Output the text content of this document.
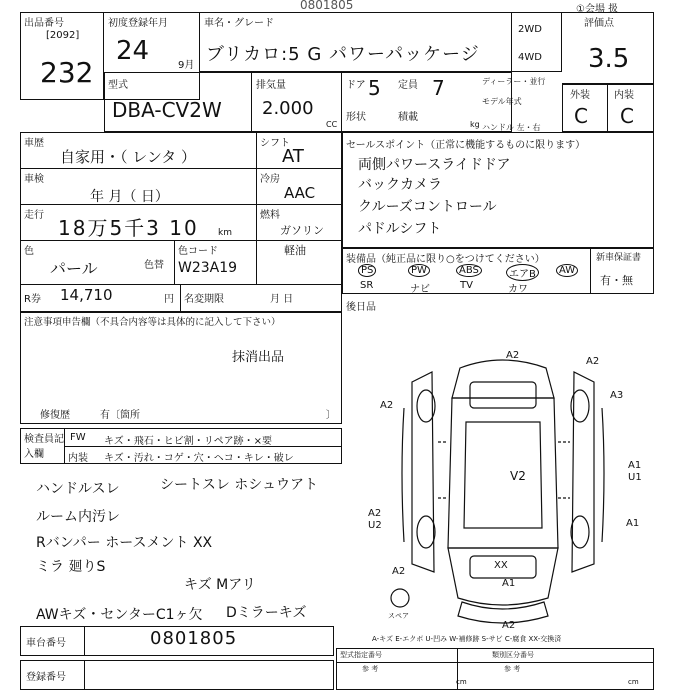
出品番号
[2092]
232
初度登録年月
24	9月
車名・グレード
ブリカロ:5 G パワーパッケージ
0801805
2WD
4WD
①会場 扱
評価点
3.5
型式
DBA-CV2W
排気量
2.000
CC
ドア 5 定員 7
形状	積載
kg
ディーラー・並行
モデル年式
ハンドル 左・右
外装 内装
C C
車歴
自家用・（ レンタ ）
シフト
AT
車検
年 月（ 日）
冷房
AAC
走行
18万5千3 10 km
燃料
ガソリン
軽油
色
パール	色替
色コード
W23A19
R券 14,710	円 名変期限	月 日
セールスポイント（正常に機能するものに限ります）
両側パワースライドドア
バックカメラ
クルーズコントロール
パドルシフト
装備品（純正品に限り○をつけてください）	新車保証書
有・無
PS	PW	ABS	エアB	AW
SR	ナビ	TV	カワ
後日品
注意事項申告欄（不具合内容等は具体的に記入して下さい）
抹消出品
修復歴	有〔箇所	〕
検査員記入欄
FW キズ・飛石・ヒビ割・リペア跡・×要
内装 キズ・汚れ・コゲ・穴・ヘコ・キレ・破レ
ハンドルスレ	シートスレ ホシュウアト
ルーム内汚レ
Rバンパー ホースメント XX
ミラ 廻りS
キズ Mアリ
AWキズ・センターC1ヶ欠 Dミラーキズ
A2
A2
A2
A3
A1
U1
A1
V2
A2
U2
A2
XX
A1
A2
スペア
A-キズ E-エクボ U-凹み W-補修跡 S-サビ C-腐食 XX-交換済
車台番号	0801805
登録番号
型式指定番号
参 考
cm
類別区分番号
参 考
cm
